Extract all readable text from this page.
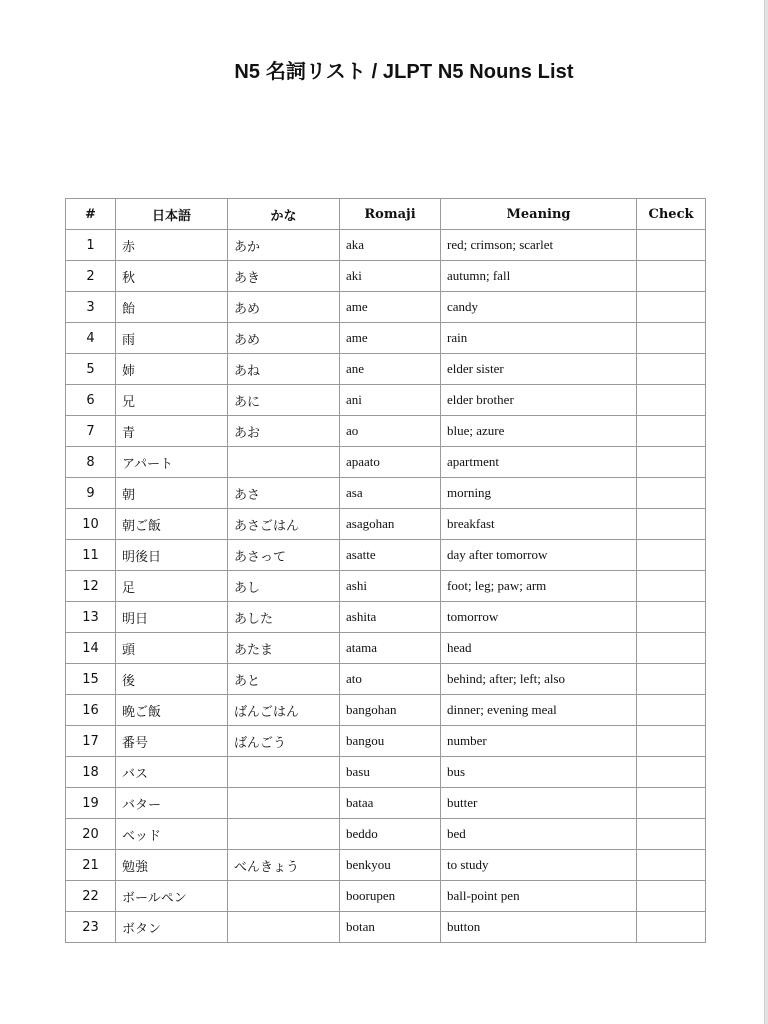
N5 名詞リスト / JLPT N5 Nouns List
#	日本語	かな	Romaji	Meaning	Check
1	赤	あか	aka	red; crimson; scarlet	
2	秋	あき	aki	autumn; fall	
3	飴	あめ	ame	candy	
4	雨	あめ	ame	rain	
5	姉	あね	ane	elder sister	
6	兄	あに	ani	elder brother	
7	青	あお	ao	blue; azure	
8	アパート		apaato	apartment	
9	朝	あさ	asa	morning	
10	朝ご飯	あさごはん	asagohan	breakfast	
11	明後日	あさって	asatte	day after tomorrow	
12	足	あし	ashi	foot; leg; paw; arm	
13	明日	あした	ashita	tomorrow	
14	頭	あたま	atama	head	
15	後	あと	ato	behind; after; left; also	
16	晩ご飯	ばんごはん	bangohan	dinner; evening meal	
17	番号	ばんごう	bangou	number	
18	バス		basu	bus	
19	バター		bataa	butter	
20	ベッド		beddo	bed	
21	勉強	べんきょう	benkyou	to study	
22	ボールペン		boorupen	ball-point pen	
23	ボタン		botan	button	
